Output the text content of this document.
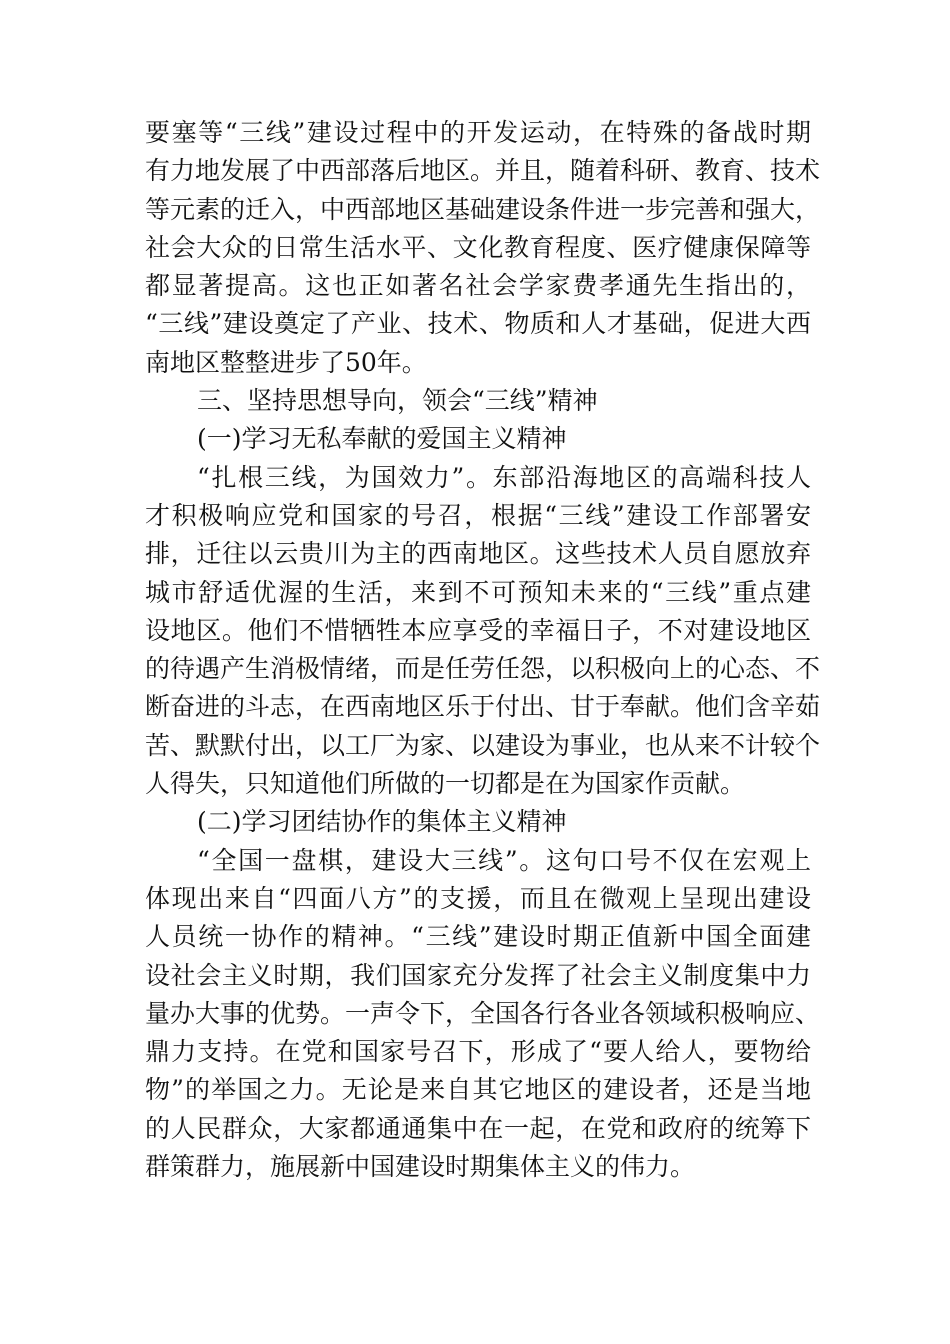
要塞等“三线”建设过程中的开发运动，在特殊的备战时期
有力地发展了中西部落后地区。并且，随着科研、教育、技术
等元素的迁入，中西部地区基础建设条件进一步完善和强大，
社会大众的日常生活水平、文化教育程度、医疗健康保障等
都显著提高。这也正如著名社会学家费孝通先生指出的，
“三线”建设奠定了产业、技术、物质和人才基础，促进大西
南地区整整进步了50年。
三、坚持思想导向，领会“三线”精神
(一)学习无私奉献的爱国主义精神
“扎根三线，为国效力”。东部沿海地区的高端科技人
才积极响应党和国家的号召，根据“三线”建设工作部署安
排，迁往以云贵川为主的西南地区。这些技术人员自愿放弃
城市舒适优渥的生活，来到不可预知未来的“三线”重点建
设地区。他们不惜牺牲本应享受的幸福日子，不对建设地区
的待遇产生消极情绪，而是任劳任怨，以积极向上的心态、不
断奋进的斗志，在西南地区乐于付出、甘于奉献。他们含辛茹
苦、默默付出，以工厂为家、以建设为事业，也从来不计较个
人得失，只知道他们所做的一切都是在为国家作贡献。
(二)学习团结协作的集体主义精神
“全国一盘棋，建设大三线”。这句口号不仅在宏观上
体现出来自“四面八方”的支援，而且在微观上呈现出建设
人员统一协作的精神。“三线”建设时期正值新中国全面建
设社会主义时期，我们国家充分发挥了社会主义制度集中力
量办大事的优势。一声令下，全国各行各业各领域积极响应、
鼎力支持。在党和国家号召下，形成了“要人给人，要物给
物”的举国之力。无论是来自其它地区的建设者，还是当地
的人民群众，大家都通通集中在一起，在党和政府的统筹下
群策群力，施展新中国建设时期集体主义的伟力。
